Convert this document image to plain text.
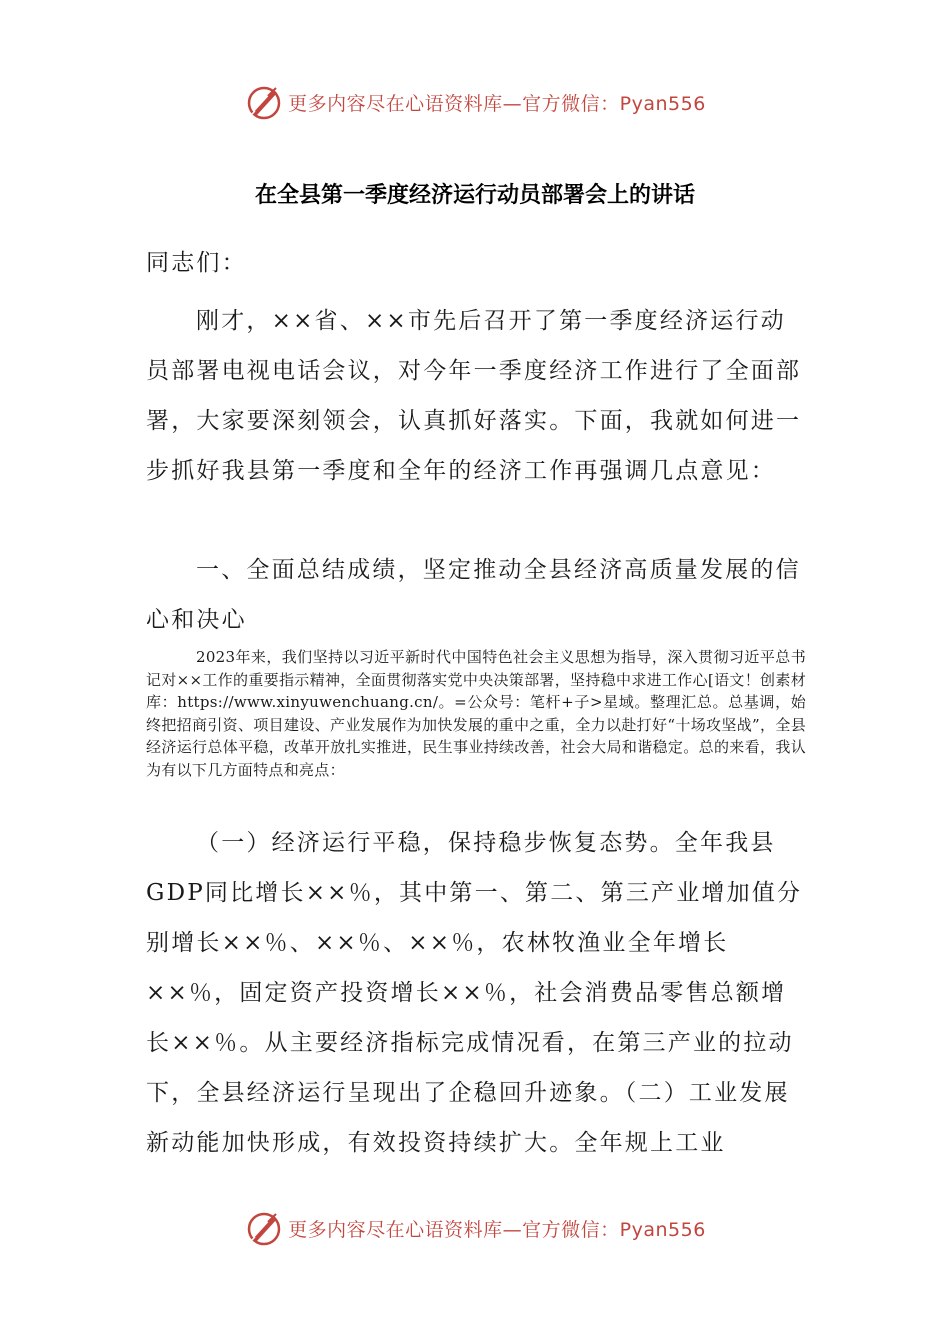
更多内容尽在心语资料库—官方微信：Pyan556
在全县第一季度经济运行动员部署会上的讲话

同志们：

刚才，××省、××市先后召开了第一季度经济运行动员部署电视电话会议，对今年一季度经济工作进行了全面部署，大家要深刻领会，认真抓好落实。下面，我就如何进一步抓好我县第一季度和全年的经济工作再强调几点意见：

一、全面总结成绩，坚定推动全县经济高质量发展的信心和决心

2023年来，我们坚持以习近平新时代中国特色社会主义思想为指导，深入贯彻习近平总书记对××工作的重要指示精神，全面贯彻落实党中央决策部署，坚持稳中求进工作心[语文！创素材库：https://www.xinyuwenchuang.cn/。=公众号：笔杆+子>星域。整理汇总。总基调，始终把招商引资、项目建设、产业发展作为加快发展的重中之重，全力以赴打好“十场攻坚战”，全县经济运行总体平稳，改革开放扎实推进，民生事业持续改善，社会大局和谐稳定。总的来看，我认为有以下几方面特点和亮点：

（一）经济运行平稳，保持稳步恢复态势。全年我县GDP同比增长××％，其中第一、第二、第三产业增加值分别增长××％、××％、××％，农林牧渔业全年增长××％，固定资产投资增长××％，社会消费品零售总额增长××％。从主要经济指标完成情况看，在第三产业的拉动下，全县经济运行呈现出了企稳回升迹象。（二）工业发展新动能加快形成，有效投资持续扩大。全年规上工业

更多内容尽在心语资料库—官方微信：Pyan556
